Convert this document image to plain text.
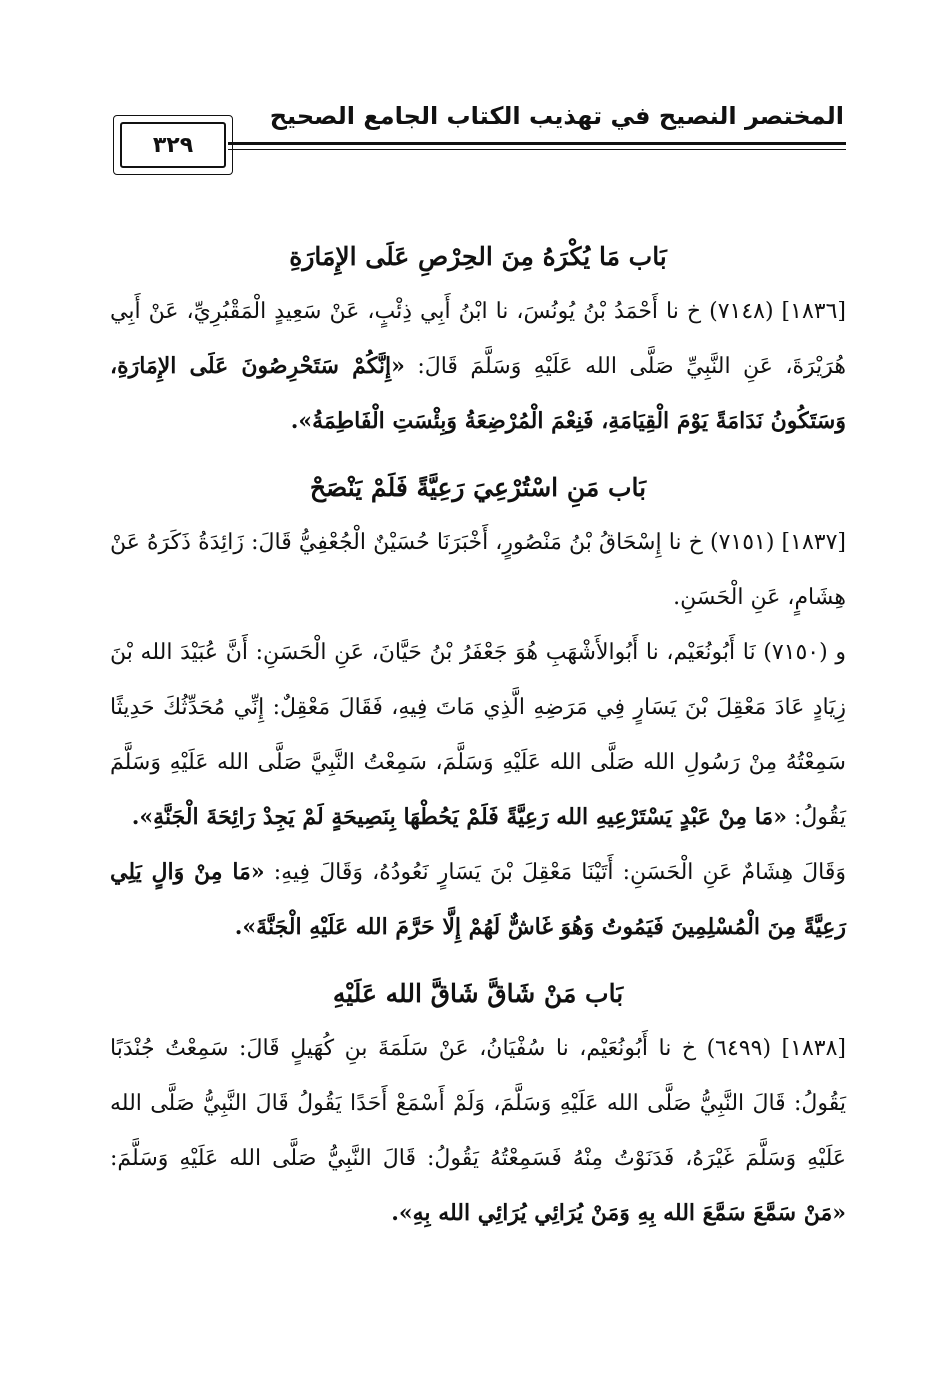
٣٢٩
المختصر النصيح في تهذيب الكتاب الجامع الصحيح
بَاب مَا يُكْرَهُ مِنَ الحِرْصِ عَلَى الإِمَارَةِ

[١٨٣٦] (٧١٤٨) خ نا أَحْمَدُ بْنُ يُونُسَ، نا ابْنُ أَبِي ذِئْبٍ، عَنْ سَعِيدٍ الْمَقْبُرِيِّ، عَنْ أَبِي هُرَيْرَةَ، عَنِ النَّبِيِّ صَلَّى الله عَلَيْهِ وَسَلَّمَ قَالَ: «إِنَّكُمْ سَتَحْرِصُونَ عَلَى الإِمَارَةِ، وَسَتَكُونُ نَدَامَةً يَوْمَ الْقِيَامَةِ، فَنِعْمَ الْمُرْضِعَةُ وَبِئْسَتِ الْفَاطِمَةُ».

بَاب مَنِ اسْتُرْعِيَ رَعِيَّةً فَلَمْ يَنْصَحْ

[١٨٣٧] (٧١٥١) خ نا إِسْحَاقُ بْنُ مَنْصُورٍ، أَخْبَرَنَا حُسَيْنٌ الْجُعْفِيُّ قَالَ: زَائِدَةُ ذَكَرَهُ عَنْ هِشَامٍ، عَنِ الْحَسَنِ.

و (٧١٥٠) نَا أَبُونُعَيْم، نا أَبُوالأَشْهَبِ هُوَ جَعْفَرُ بْنُ حَيَّانَ، عَنِ الْحَسَنِ: أَنَّ عُبَيْدَ الله بْنَ زِيَادٍ عَادَ مَعْقِلَ بْنَ يَسَارٍ فِي مَرَضِهِ الَّذِي مَاتَ فِيهِ، فَقَالَ مَعْقِلٌ: إِنِّي مُحَدِّثُكَ حَدِيثًا سَمِعْتُهُ مِنْ رَسُولِ الله صَلَّى الله عَلَيْهِ وَسَلَّمَ، سَمِعْتُ النَّبِيَّ صَلَّى الله عَلَيْهِ وَسَلَّمَ يَقُولُ: «مَا مِنْ عَبْدٍ يَسْتَرْعِيهِ الله رَعِيَّةً فَلَمْ يَحُطْهَا بِنَصِيحَةٍ لَمْ يَجِدْ رَائِحَةَ الْجَنَّةِ».

وَقَالَ هِشَامٌ عَنِ الْحَسَنِ: أَتَيْنَا مَعْقِلَ بْنَ يَسَارٍ نَعُودُهُ، وَقَالَ فِيهِ: «مَا مِنْ وَالٍ يَلِي رَعِيَّةً مِنَ الْمُسْلِمِينَ فَيَمُوتُ وَهُوَ غَاشٌّ لَهُمْ إِلَّا حَرَّمَ الله عَلَيْهِ الْجَنَّةَ».

بَاب مَنْ شَاقَّ شَاقَّ الله عَلَيْهِ

[١٨٣٨] (٦٤٩٩) خ نا أَبُونُعَيْم، نا سُفْيَانُ، عَنْ سَلَمَةَ بنِ كُهَيلٍ قَالَ: سَمِعْتُ جُنْدَبًا يَقُولُ: قَالَ النَّبِيُّ صَلَّى الله عَلَيْهِ وَسَلَّمَ، وَلَمْ أَسْمَعْ أَحَدًا يَقُولُ قَالَ النَّبِيُّ صَلَّى الله عَلَيْهِ وَسَلَّمَ غَيْرَهُ، فَدَنَوْتُ مِنْهُ فَسَمِعْتُهُ يَقُولُ: قَالَ النَّبِيُّ صَلَّى الله عَلَيْهِ وَسَلَّمَ: «مَنْ سَمَّعَ سَمَّعَ الله بِهِ وَمَنْ يُرَائِي يُرَائِي الله بِهِ».
